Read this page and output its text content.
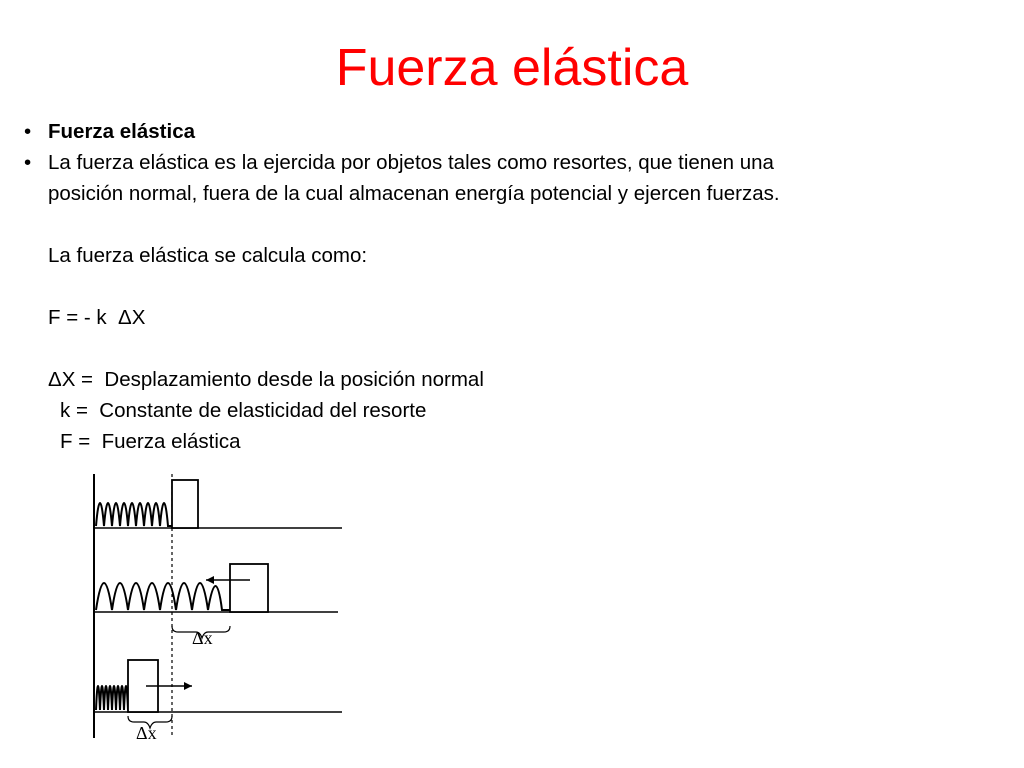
Fuerza elástica
• Fuerza elástica
• La fuerza elástica es la ejercida por objetos tales como resortes, que tienen una
posición normal, fuera de la cual almacenan energía potencial y ejercen fuerzas.
La fuerza elástica se calcula como:
F = - k  ΔX
ΔX =  Desplazamiento desde la posición normal
k =  Constante de elasticidad del resorte
F =  Fuerza elástica
Δx
Δx
